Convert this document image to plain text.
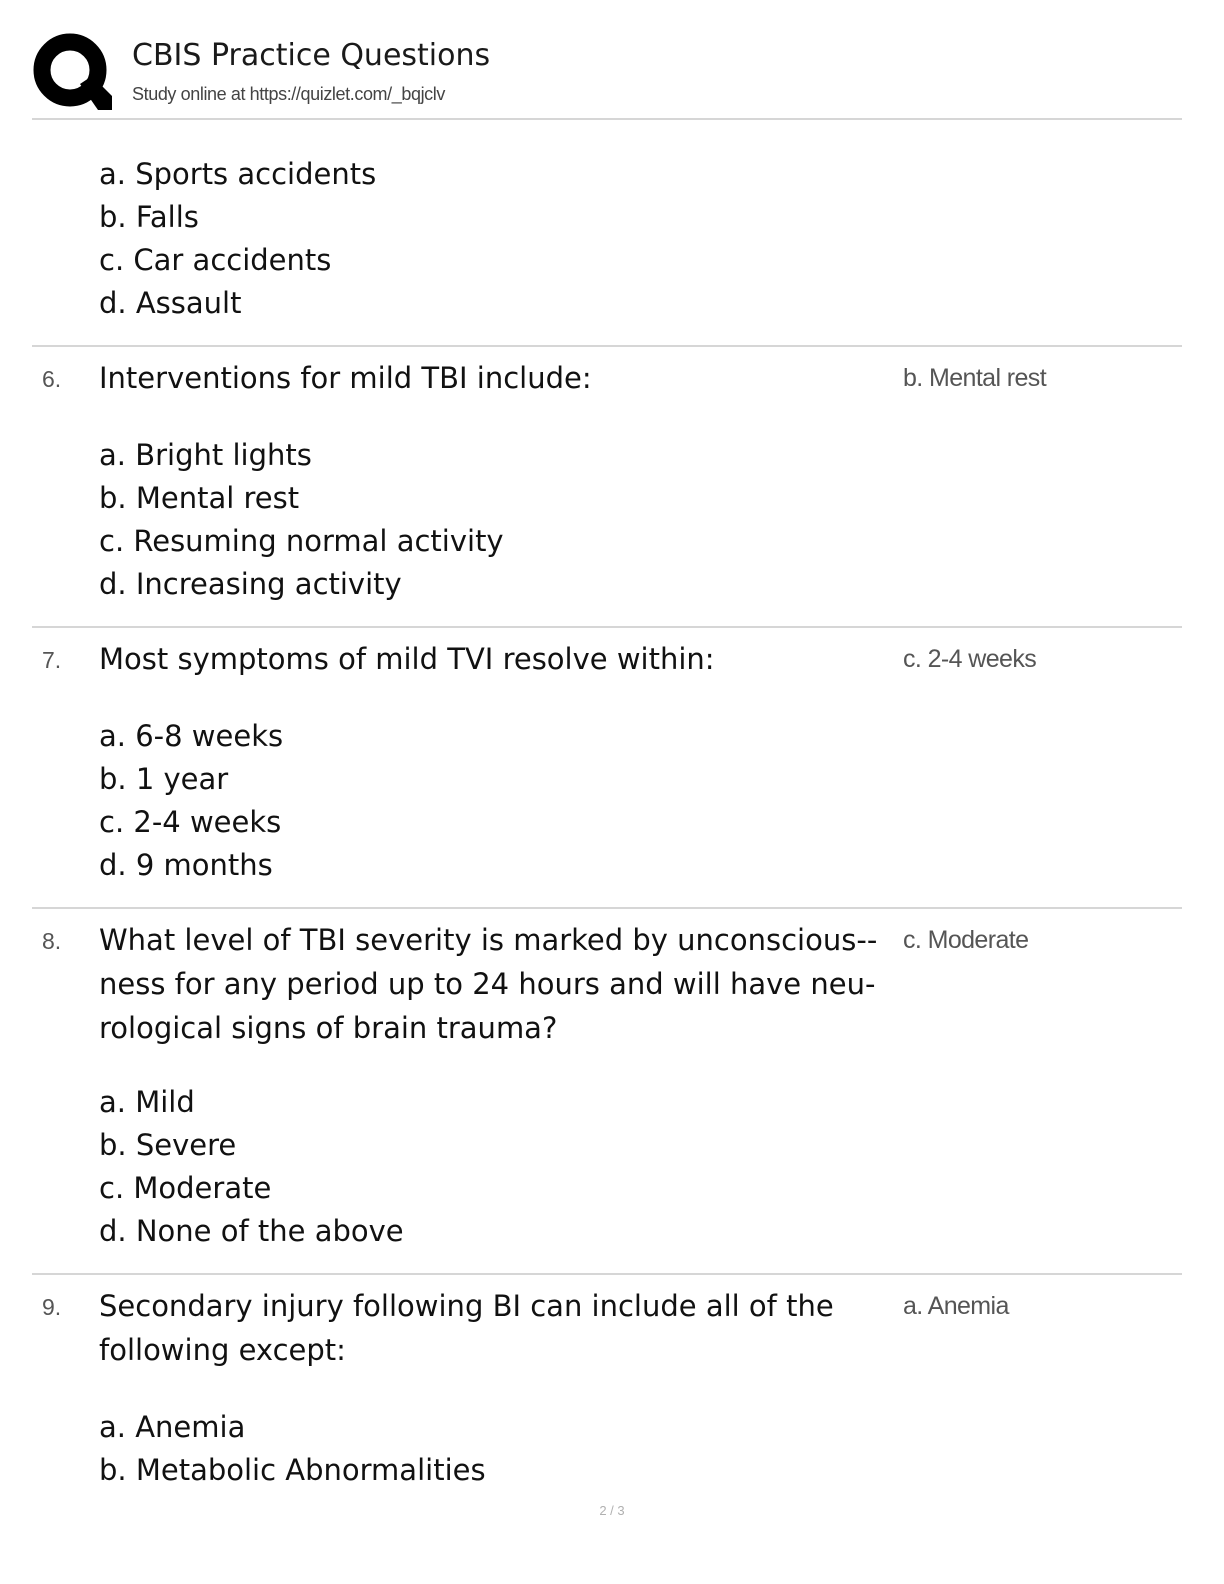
CBIS Practice Questions
Study online at https://quizlet.com/_bqjclv
a. Sports accidents
b. Falls
c. Car accidents
d. Assault
6. Interventions for mild TBI include:	b. Mental rest
a. Bright lights
b. Mental rest
c. Resuming normal activity
d. Increasing activity
7. Most symptoms of mild TVI resolve within:	c. 2-4 weeks
a. 6-8 weeks
b. 1 year
c. 2-4 weeks
d. 9 months
8. What level of TBI severity is marked by unconscious-ness for any period up to 24 hours and will have neurological signs of brain trauma?
c. Moderate
a. Mild
b. Severe
c. Moderate
d. None of the above
9. Secondary injury following BI can include all of the following except:
a. Anemia
a. Anemia
b. Metabolic Abnormalities
2 / 3
